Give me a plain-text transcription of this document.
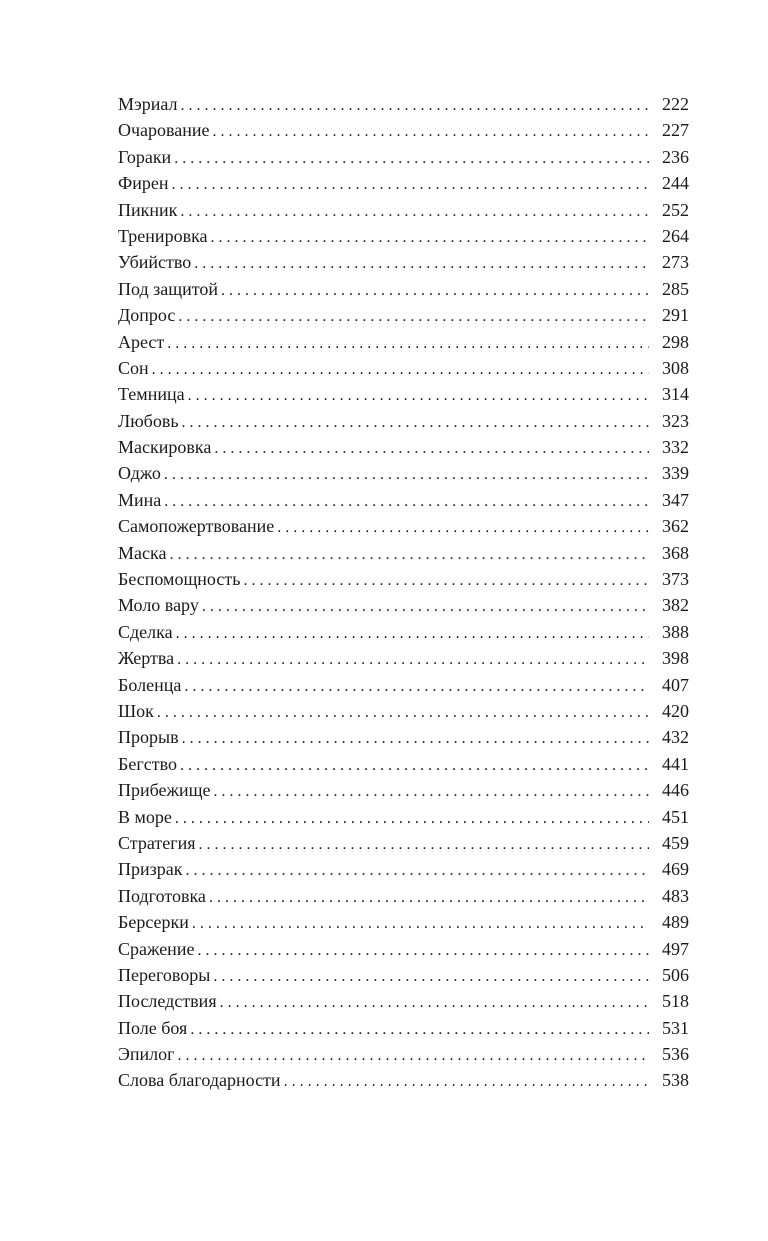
Мэриал . . .	222
Очарование . . .	227
Гораки . . .	236
Фирен . . .	244
Пикник . . .	252
Тренировка . . .	264
Убийство . . .	273
Под защитой . . .	285
Допрос . . .	291
Арест . . .	298
Сон . . .	308
Темница . . .	314
Любовь . . .	323
Маскировка . . .	332
Оджо . . .	339
Мина . . .	347
Самопожертвование . . .	362
Маска . . .	368
Беспомощность . . .	373
Моло вару . . .	382
Сделка . . .	388
Жертва . . .	398
Боленца . . .	407
Шок . . .	420
Прорыв . . .	432
Бегство . . .	441
Прибежище . . .	446
В море . . .	451
Стратегия . . .	459
Призрак . . .	469
Подготовка . . .	483
Берсерки . . .	489
Сражение . . .	497
Переговоры . . .	506
Последствия . . .	518
Поле боя . . .	531
Эпилог . . .	536
Слова благодарности . . .	538
